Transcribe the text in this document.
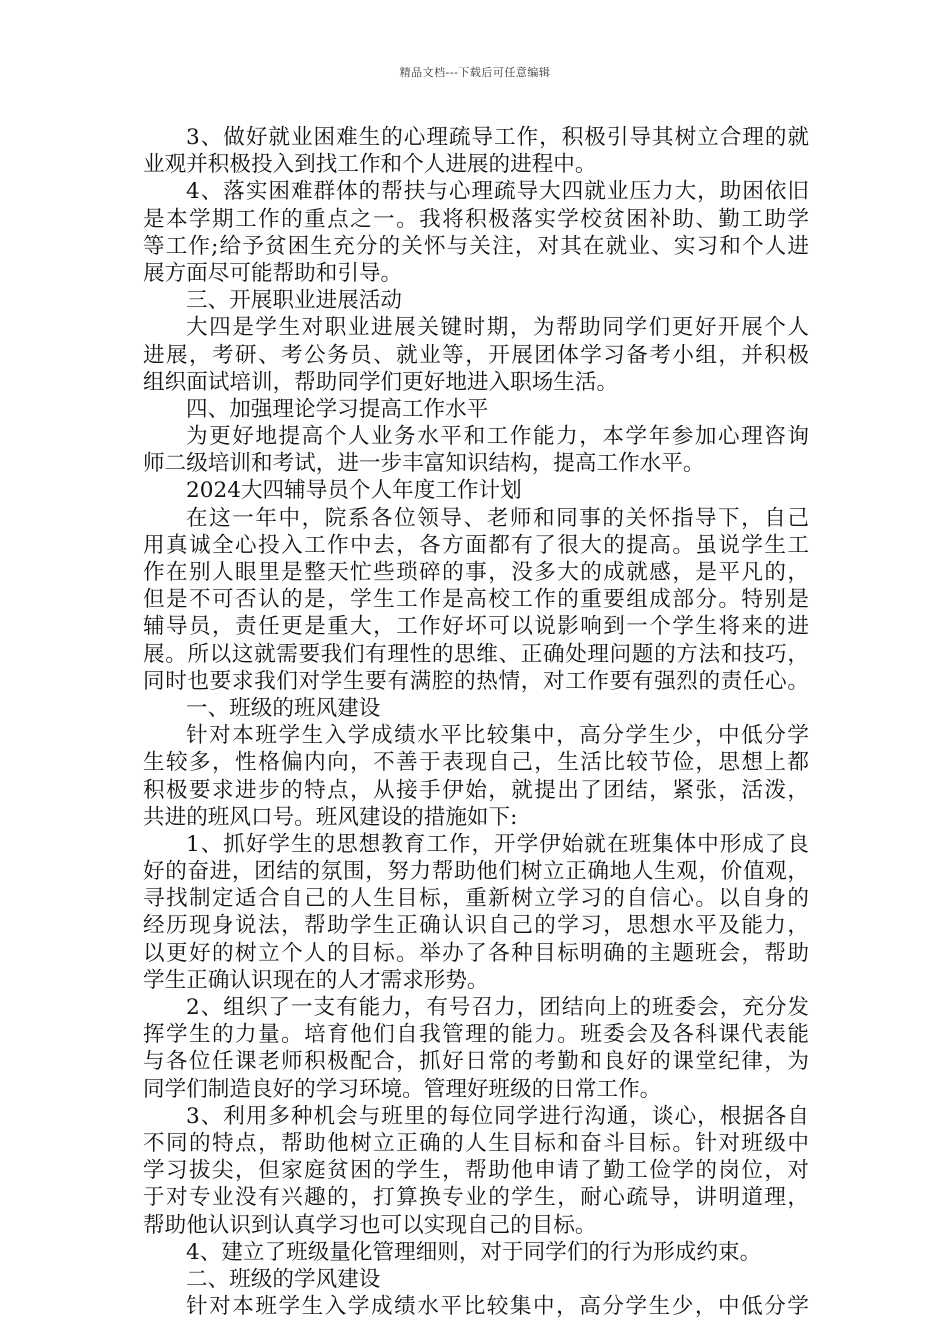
精品文档---下载后可任意编辑
3、做好就业困难生的心理疏导工作，积极引导其树立合理的就
业观并积极投入到找工作和个人进展的进程中。
4、落实困难群体的帮扶与心理疏导大四就业压力大，助困依旧
是本学期工作的重点之一。我将积极落实学校贫困补助、勤工助学
等工作;给予贫困生充分的关怀与关注，对其在就业、实习和个人进
展方面尽可能帮助和引导。
三、开展职业进展活动
大四是学生对职业进展关键时期，为帮助同学们更好开展个人
进展，考研、考公务员、就业等，开展团体学习备考小组，并积极
组织面试培训，帮助同学们更好地进入职场生活。
四、加强理论学习提高工作水平
为更好地提高个人业务水平和工作能力，本学年参加心理咨询
师二级培训和考试，进一步丰富知识结构，提高工作水平。
2024大四辅导员个人年度工作计划
在这一年中，院系各位领导、老师和同事的关怀指导下，自己
用真诚全心投入工作中去，各方面都有了很大的提高。虽说学生工
作在别人眼里是整天忙些琐碎的事，没多大的成就感，是平凡的，
但是不可否认的是，学生工作是高校工作的重要组成部分。特别是
辅导员，责任更是重大，工作好坏可以说影响到一个学生将来的进
展。所以这就需要我们有理性的思维、正确处理问题的方法和技巧，
同时也要求我们对学生要有满腔的热情，对工作要有强烈的责任心。
一、班级的班风建设
针对本班学生入学成绩水平比较集中，高分学生少，中低分学
生较多，性格偏内向，不善于表现自己，生活比较节俭，思想上都
积极要求进步的特点，从接手伊始，就提出了团结，紧张，活泼，
共进的班风口号。班风建设的措施如下:
1、抓好学生的思想教育工作，开学伊始就在班集体中形成了良
好的奋进，团结的氛围，努力帮助他们树立正确地人生观，价值观，
寻找制定适合自己的人生目标，重新树立学习的自信心。以自身的
经历现身说法，帮助学生正确认识自己的学习，思想水平及能力，
以更好的树立个人的目标。举办了各种目标明确的主题班会，帮助
学生正确认识现在的人才需求形势。
2、组织了一支有能力，有号召力，团结向上的班委会，充分发
挥学生的力量。培育他们自我管理的能力。班委会及各科课代表能
与各位任课老师积极配合，抓好日常的考勤和良好的课堂纪律，为
同学们制造良好的学习环境。管理好班级的日常工作。
3、利用多种机会与班里的每位同学进行沟通，谈心，根据各自
不同的特点，帮助他树立正确的人生目标和奋斗目标。针对班级中
学习拔尖，但家庭贫困的学生，帮助他申请了勤工俭学的岗位，对
于对专业没有兴趣的，打算换专业的学生，耐心疏导，讲明道理，
帮助他认识到认真学习也可以实现自己的目标。
4、建立了班级量化管理细则，对于同学们的行为形成约束。
二、班级的学风建设
针对本班学生入学成绩水平比较集中，高分学生少，中低分学
